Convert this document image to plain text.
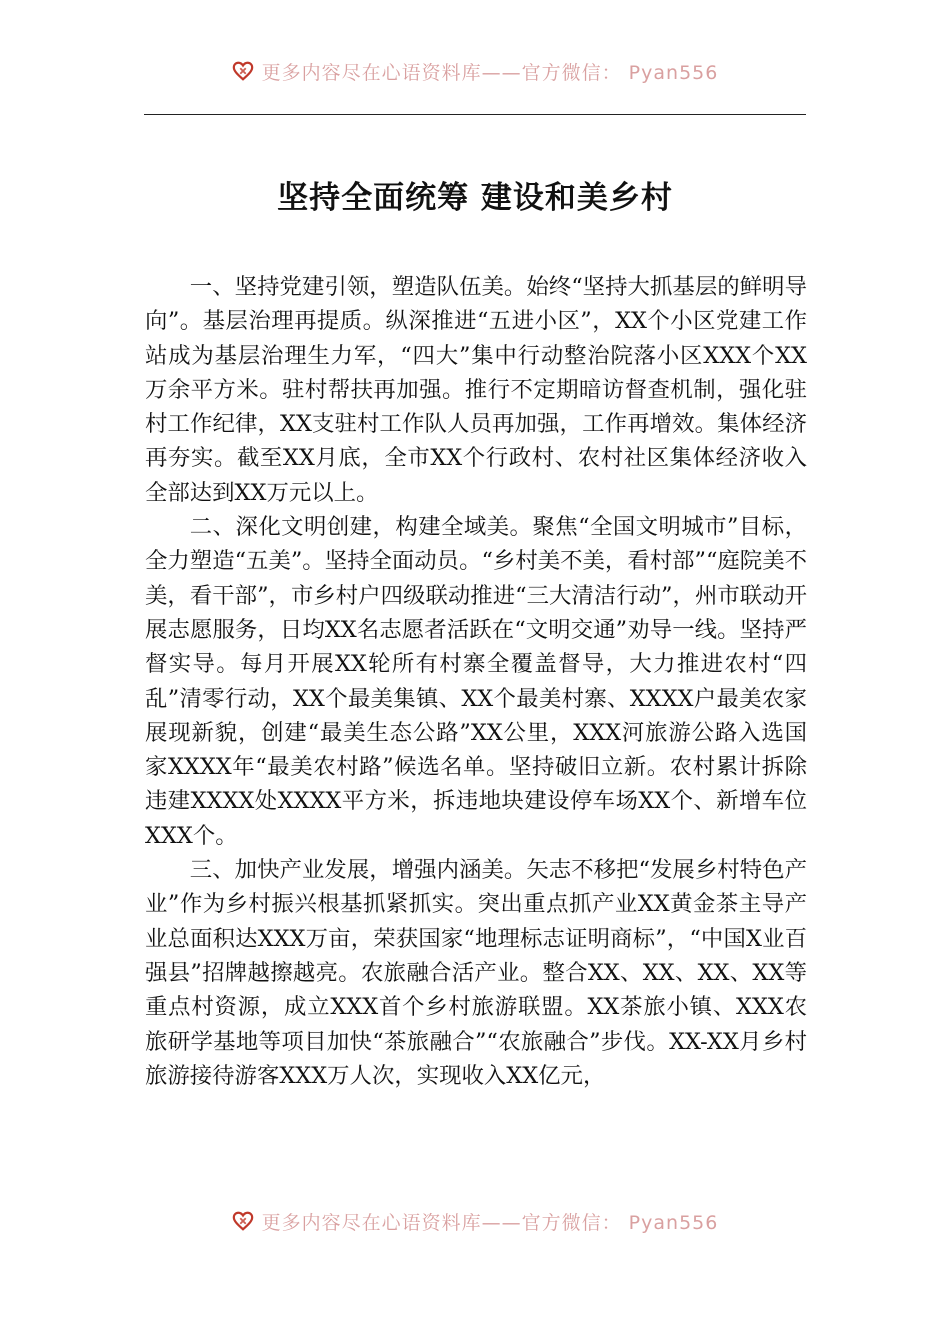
更多内容尽在心语资料库——官方微信： Pyan556
坚持全面统筹 建设和美乡村

一、坚持党建引领，塑造队伍美。始终“坚持大抓基层的鲜明导向”。基层治理再提质。纵深推进“五进小区”，XX个小区党建工作站成为基层治理生力军，“四大”集中行动整治院落小区XXX个XX万余平方米。驻村帮扶再加强。推行不定期暗访督查机制，强化驻村工作纪律，XX支驻村工作队人员再加强，工作再增效。集体经济再夯实。截至XX月底，全市XX个行政村、农村社区集体经济收入全部达到XX万元以上。

二、深化文明创建，构建全域美。聚焦“全国文明城市”目标，全力塑造“五美”。坚持全面动员。“乡村美不美，看村部”“庭院美不美，看干部”，市乡村户四级联动推进“三大清洁行动”，州市联动开展志愿服务，日均XX名志愿者活跃在“文明交通”劝导一线。坚持严督实导。每月开展XX轮所有村寨全覆盖督导，大力推进农村“四乱”清零行动，XX个最美集镇、XX个最美村寨、XXXX户最美农家展现新貌，创建“最美生态公路”XX公里，XXX河旅游公路入选国家XXXX年“最美农村路”候选名单。坚持破旧立新。农村累计拆除违建XXXX处XXXX平方米，拆违地块建设停车场XX个、新增车位XXX个。

三、加快产业发展，增强内涵美。矢志不移把“发展乡村特色产业”作为乡村振兴根基抓紧抓实。突出重点抓产业XX黄金茶主导产业总面积达XXX万亩，荣获国家“地理标志证明商标”，“中国X业百强县”招牌越擦越亮。农旅融合活产业。整合XX、XX、XX、XX等重点村资源，成立XXX首个乡村旅游联盟。XX茶旅小镇、XXX农旅研学基地等项目加快“茶旅融合”“农旅融合”步伐。XX-XX月乡村旅游接待游客XXX万人次，实现收入XX亿元，

更多内容尽在心语资料库——官方微信： Pyan556
